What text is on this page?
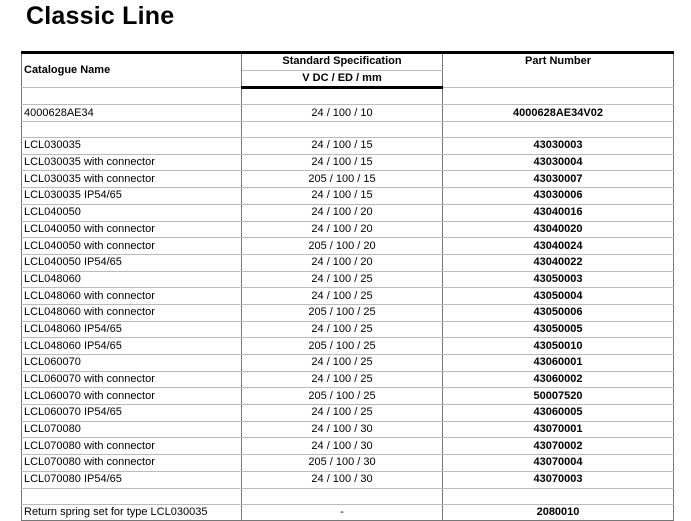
Classic Line
Catalogue Name	Standard Specification	Part Number
	V DC / ED / mm	

4000628AE34	24 / 100 / 10	4000628AE34V02

LCL030035	24 / 100 / 15	43030003
LCL030035 with connector	24 / 100 / 15	43030004
LCL030035 with connector	205 / 100 / 15	43030007
LCL030035 IP54/65	24 / 100 / 15	43030006
LCL040050	24 / 100 / 20	43040016
LCL040050 with connector	24 / 100 / 20	43040020
LCL040050 with connector	205 / 100 / 20	43040024
LCL040050 IP54/65	24 / 100 / 20	43040022
LCL048060	24 / 100 / 25	43050003
LCL048060 with connector	24 / 100 / 25	43050004
LCL048060 with connector	205 / 100 / 25	43050006
LCL048060 IP54/65	24 / 100 / 25	43050005
LCL048060 IP54/65	205 / 100 / 25	43050010
LCL060070	24 / 100 / 25	43060001
LCL060070 with connector	24 / 100 / 25	43060002
LCL060070 with connector	205 / 100 / 25	50007520
LCL060070 IP54/65	24 / 100 / 25	43060005
LCL070080	24 / 100 / 30	43070001
LCL070080 with connector	24 / 100 / 30	43070002
LCL070080 with connector	205 / 100 / 30	43070004
LCL070080 IP54/65	24 / 100 / 30	43070003

Return spring set for type LCL030035	-	2080010
